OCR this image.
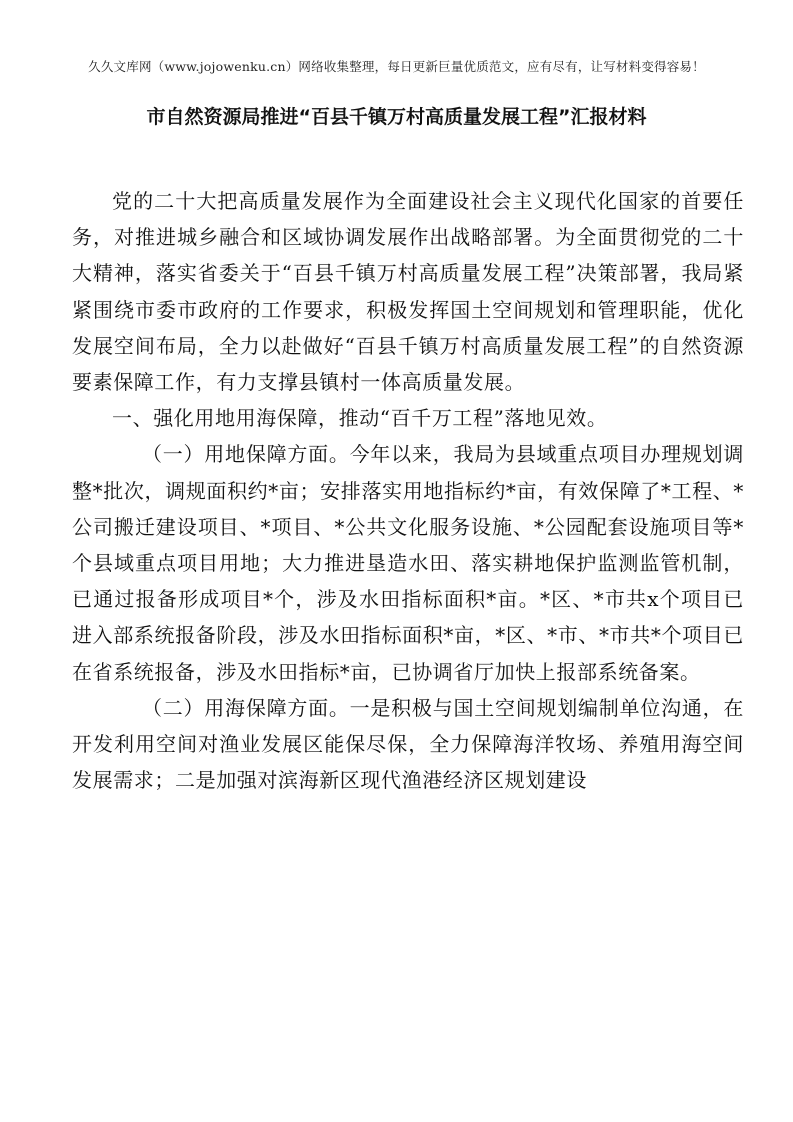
久久文库网（www.jojowenku.cn）网络收集整理，每日更新巨量优质范文，应有尽有，让写材料变得容易！
市自然资源局推进“百县千镇万村高质量发展工程”汇报材料

党的二十大把高质量发展作为全面建设社会主义现代化国家的首要任务，对推进城乡融合和区域协调发展作出战略部署。为全面贯彻党的二十大精神，落实省委关于“百县千镇万村高质量发展工程”决策部署，我局紧紧围绕市委市政府的工作要求，积极发挥国土空间规划和管理职能，优化发展空间布局，全力以赴做好“百县千镇万村高质量发展工程”的自然资源要素保障工作，有力支撑县镇村一体高质量发展。

一、强化用地用海保障，推动“百千万工程”落地见效。

（一）用地保障方面。今年以来，我局为县域重点项目办理规划调整*批次，调规面积约*亩；安排落实用地指标约*亩，有效保障了*工程、*公司搬迁建设项目、*项目、*公共文化服务设施、*公园配套设施项目等*个县域重点项目用地；大力推进垦造水田、落实耕地保护监测监管机制，已通过报备形成项目*个，涉及水田指标面积*亩。*区、*市共x个项目已进入部系统报备阶段，涉及水田指标面积*亩，*区、*市、*市共*个项目已在省系统报备，涉及水田指标*亩，已协调省厅加快上报部系统备案。

（二）用海保障方面。一是积极与国土空间规划编制单位沟通，在开发利用空间对渔业发展区能保尽保，全力保障海洋牧场、养殖用海空间发展需求；二是加强对滨海新区现代渔港经济区规划建设
